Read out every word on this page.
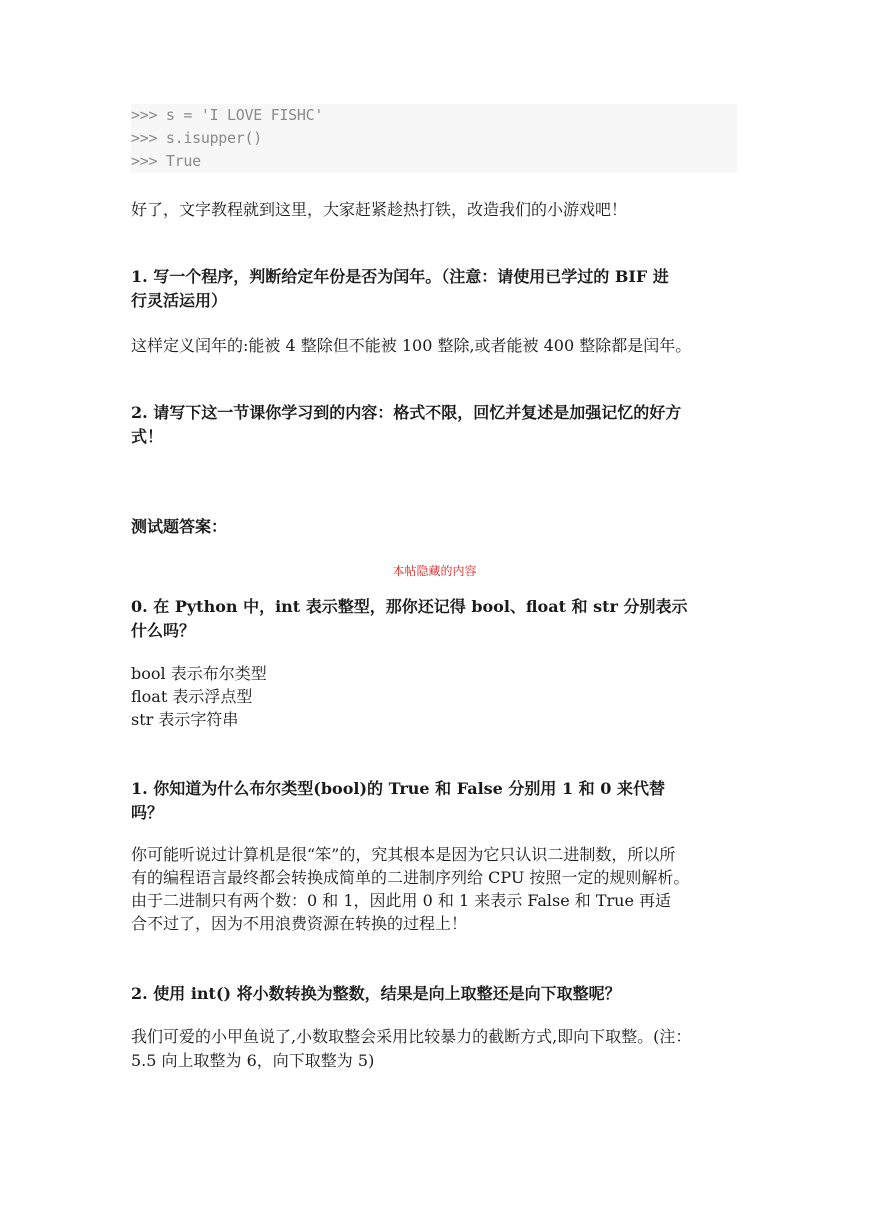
>>> s = 'I LOVE FISHC'
>>> s.isupper()
>>> True
好了，文字教程就到这里，大家赶紧趁热打铁，改造我们的小游戏吧！
1. 写一个程序，判断给定年份是否为闰年。（注意：请使用已学过的 BIF 进
行灵活运用）
这样定义闰年的:能被 4 整除但不能被 100 整除,或者能被 400 整除都是闰年。
2. 请写下这一节课你学习到的内容：格式不限，回忆并复述是加强记忆的好方
式！
测试题答案：
本帖隐藏的内容
0. 在 Python 中，int 表示整型，那你还记得 bool、float 和 str 分别表示
什么吗？
bool 表示布尔类型
float 表示浮点型
str 表示字符串
1. 你知道为什么布尔类型(bool)的 True 和 False 分别用 1 和 0 来代替
吗？
你可能听说过计算机是很“笨”的，究其根本是因为它只认识二进制数，所以所
有的编程语言最终都会转换成简单的二进制序列给 CPU 按照一定的规则解析。
由于二进制只有两个数：0 和 1，因此用 0 和 1 来表示 False 和 True 再适
合不过了，因为不用浪费资源在转换的过程上！
2. 使用 int() 将小数转换为整数，结果是向上取整还是向下取整呢？
我们可爱的小甲鱼说了,小数取整会采用比较暴力的截断方式,即向下取整。(注：
5.5 向上取整为 6，向下取整为 5)
